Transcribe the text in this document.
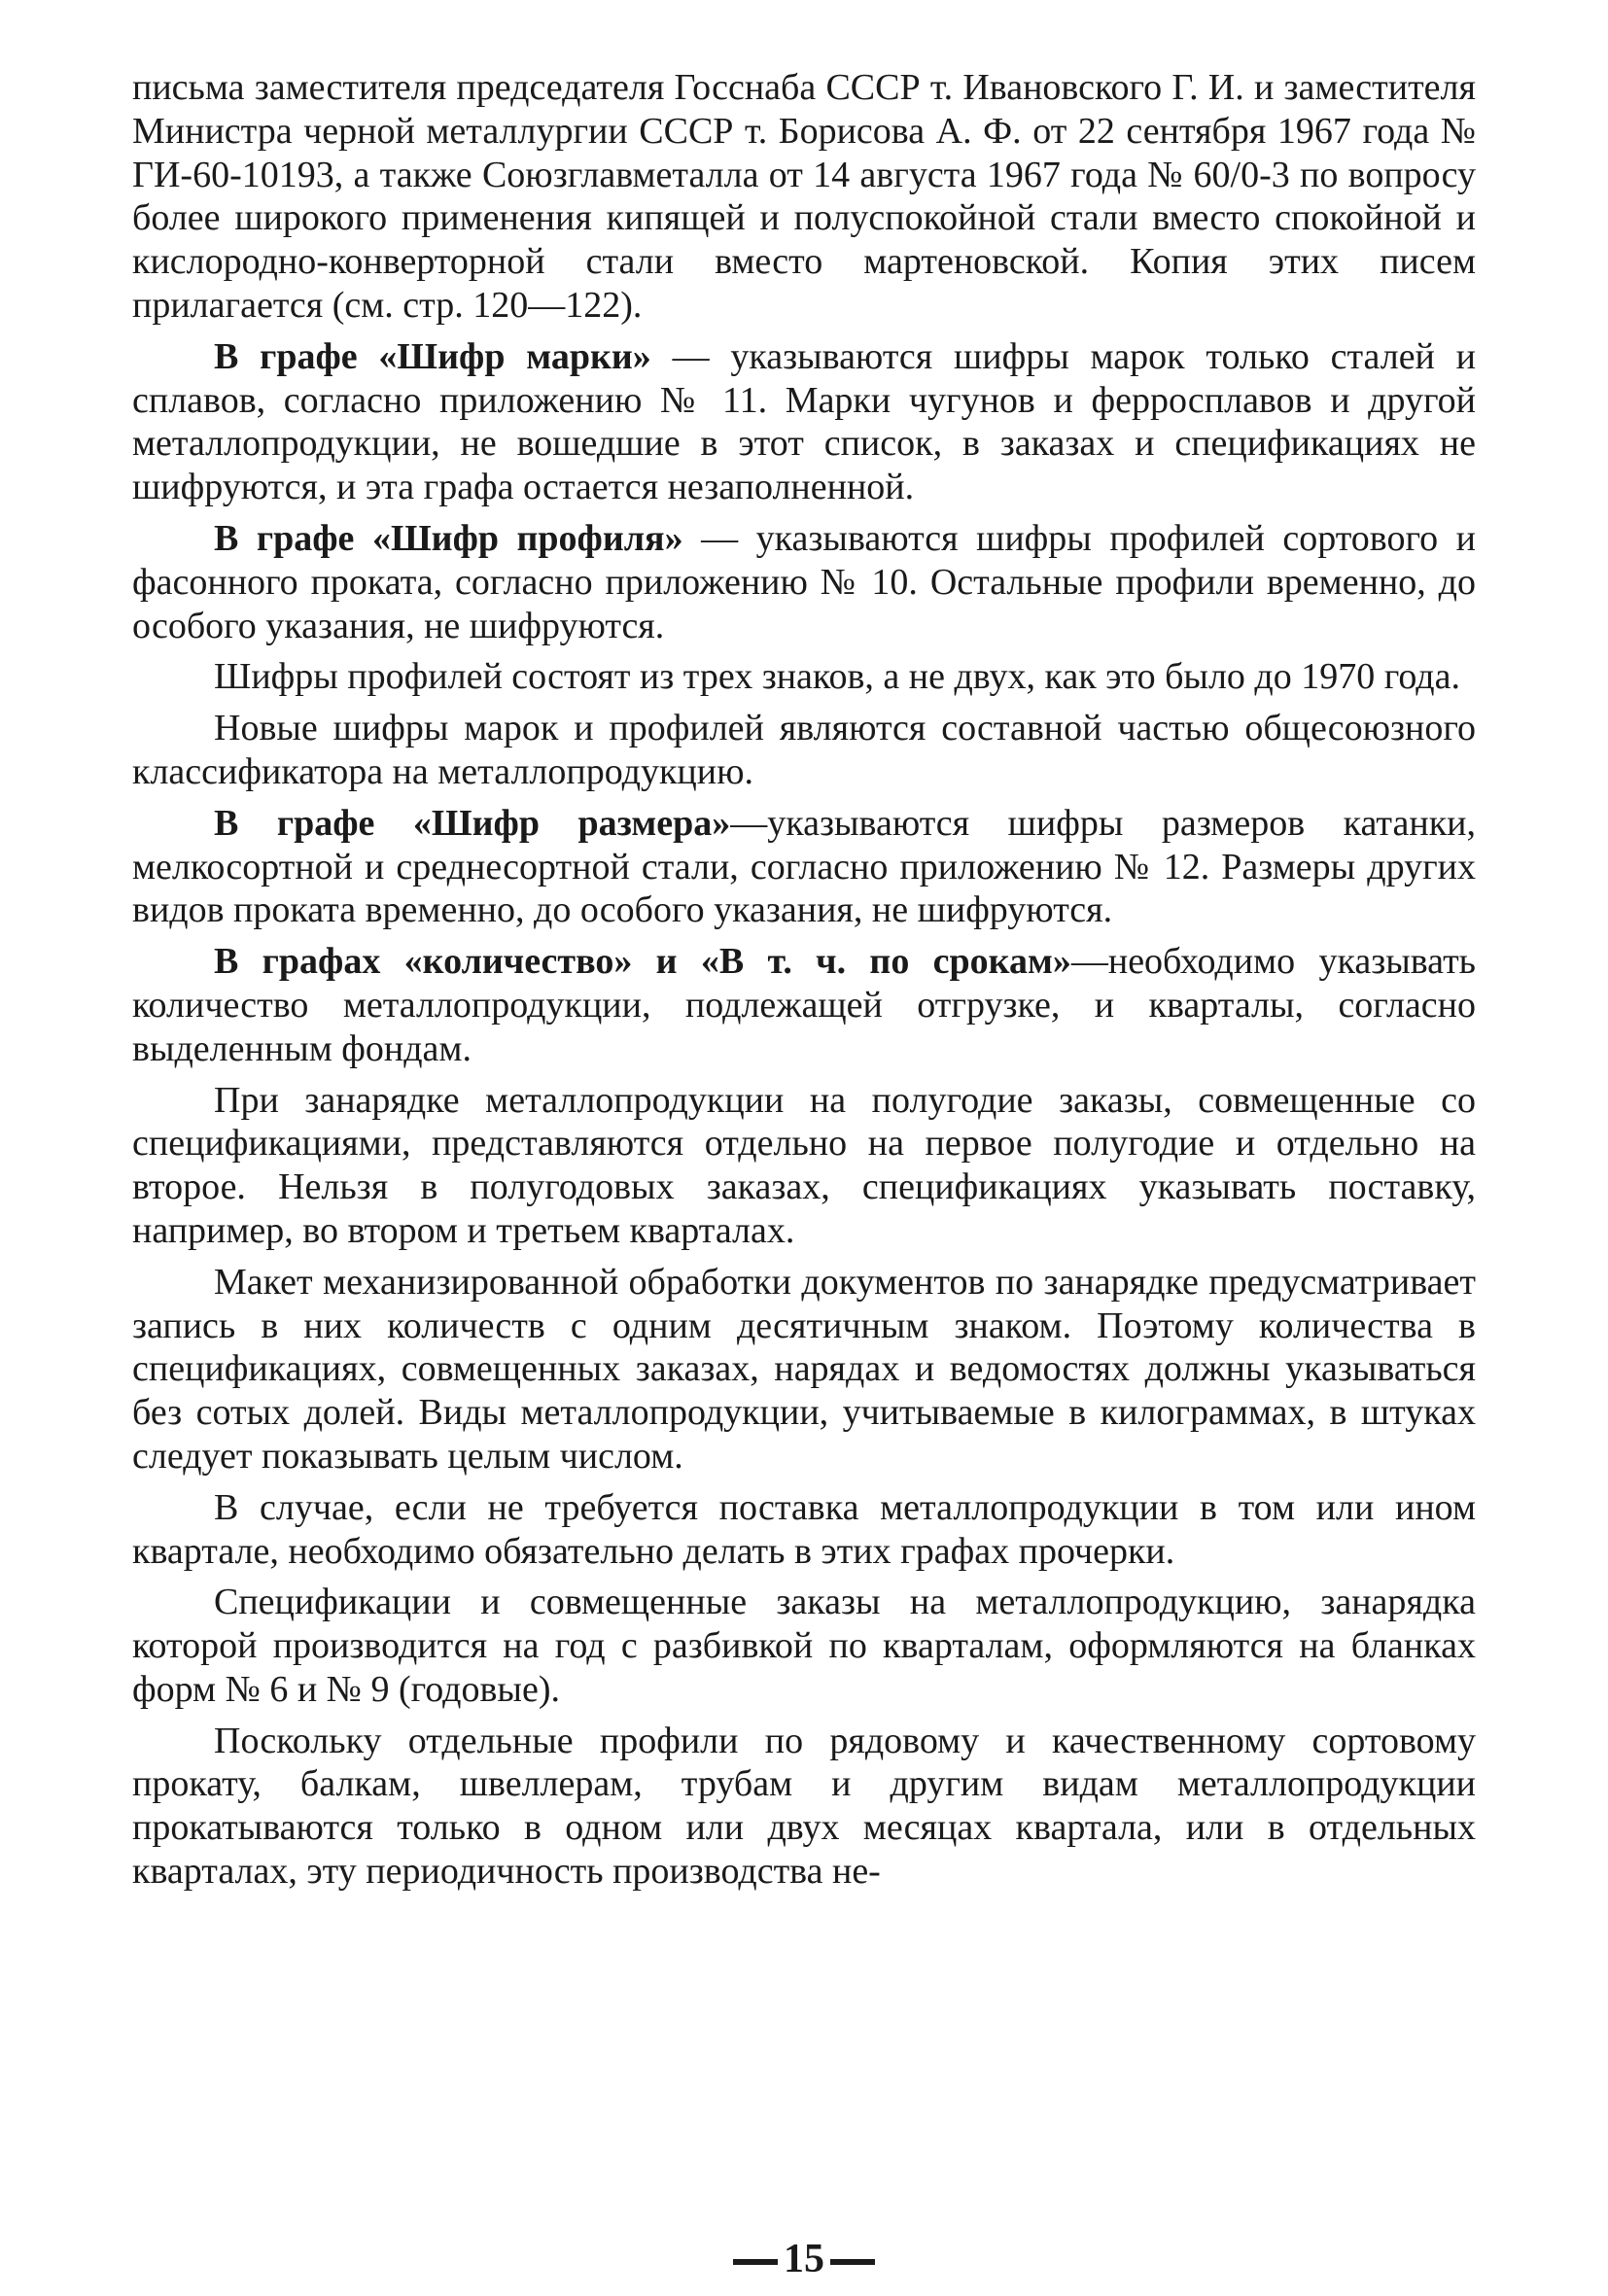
письма заместителя председателя Госснаба СССР т. Ивановского Г. И. и заместителя Министра черной металлургии СССР т. Борисова А. Ф. от 22 сентября 1967 года № ГИ-60-10193, а также Союзглавметалла от 14 августа 1967 года № 60/0-3 по вопросу более широкого применения кипящей и полуспокойной стали вместо спокойной и кислородно-конверторной стали вместо мартеновской. Копия этих писем прилагается (см. стр. 120—122).

В графе «Шифр марки» — указываются шифры марок только сталей и сплавов, согласно приложению № 11. Марки чугунов и ферросплавов и другой металлопродукции, не вошедшие в этот список, в заказах и спецификациях не шифруются, и эта графа остается незаполненной.

В графе «Шифр профиля» — указываются шифры профилей сортового и фасонного проката, согласно приложению № 10. Остальные профили временно, до особого указания, не шифруются.

Шифры профилей состоят из трех знаков, а не двух, как это было до 1970 года.

Новые шифры марок и профилей являются составной частью общесоюзного классификатора на металлопродукцию.

В графе «Шифр размера»—указываются шифры размеров катанки, мелкосортной и среднесортной стали, согласно приложению № 12. Размеры других видов проката временно, до особого указания, не шифруются.

В графах «количество» и «В т. ч. по срокам»—необходимо указывать количество металлопродукции, подлежащей отгрузке, и кварталы, согласно выделенным фондам.

При занарядке металлопродукции на полугодие заказы, совмещенные со спецификациями, представляются отдельно на первое полугодие и отдельно на второе. Нельзя в полугодовых заказах, спецификациях указывать поставку, например, во втором и третьем кварталах.

Макет механизированной обработки документов по занарядке предусматривает запись в них количеств с одним десятичным знаком. Поэтому количества в спецификациях, совмещенных заказах, нарядах и ведомостях должны указываться без сотых долей. Виды металлопродукции, учитываемые в килограммах, в штуках следует показывать целым числом.

В случае, если не требуется поставка металлопродукции в том или ином квартале, необходимо обязательно делать в этих графах прочерки.

Спецификации и совмещенные заказы на металлопродукцию, занарядка которой производится на год с разбивкой по кварталам, оформляются на бланках форм № 6 и № 9 (годовые).

Поскольку отдельные профили по рядовому и качественному сортовому прокату, балкам, швеллерам, трубам и другим видам металлопродукции прокатываются только в одном или двух месяцах квартала, или в отдельных кварталах, эту периодичность производства не-

15
